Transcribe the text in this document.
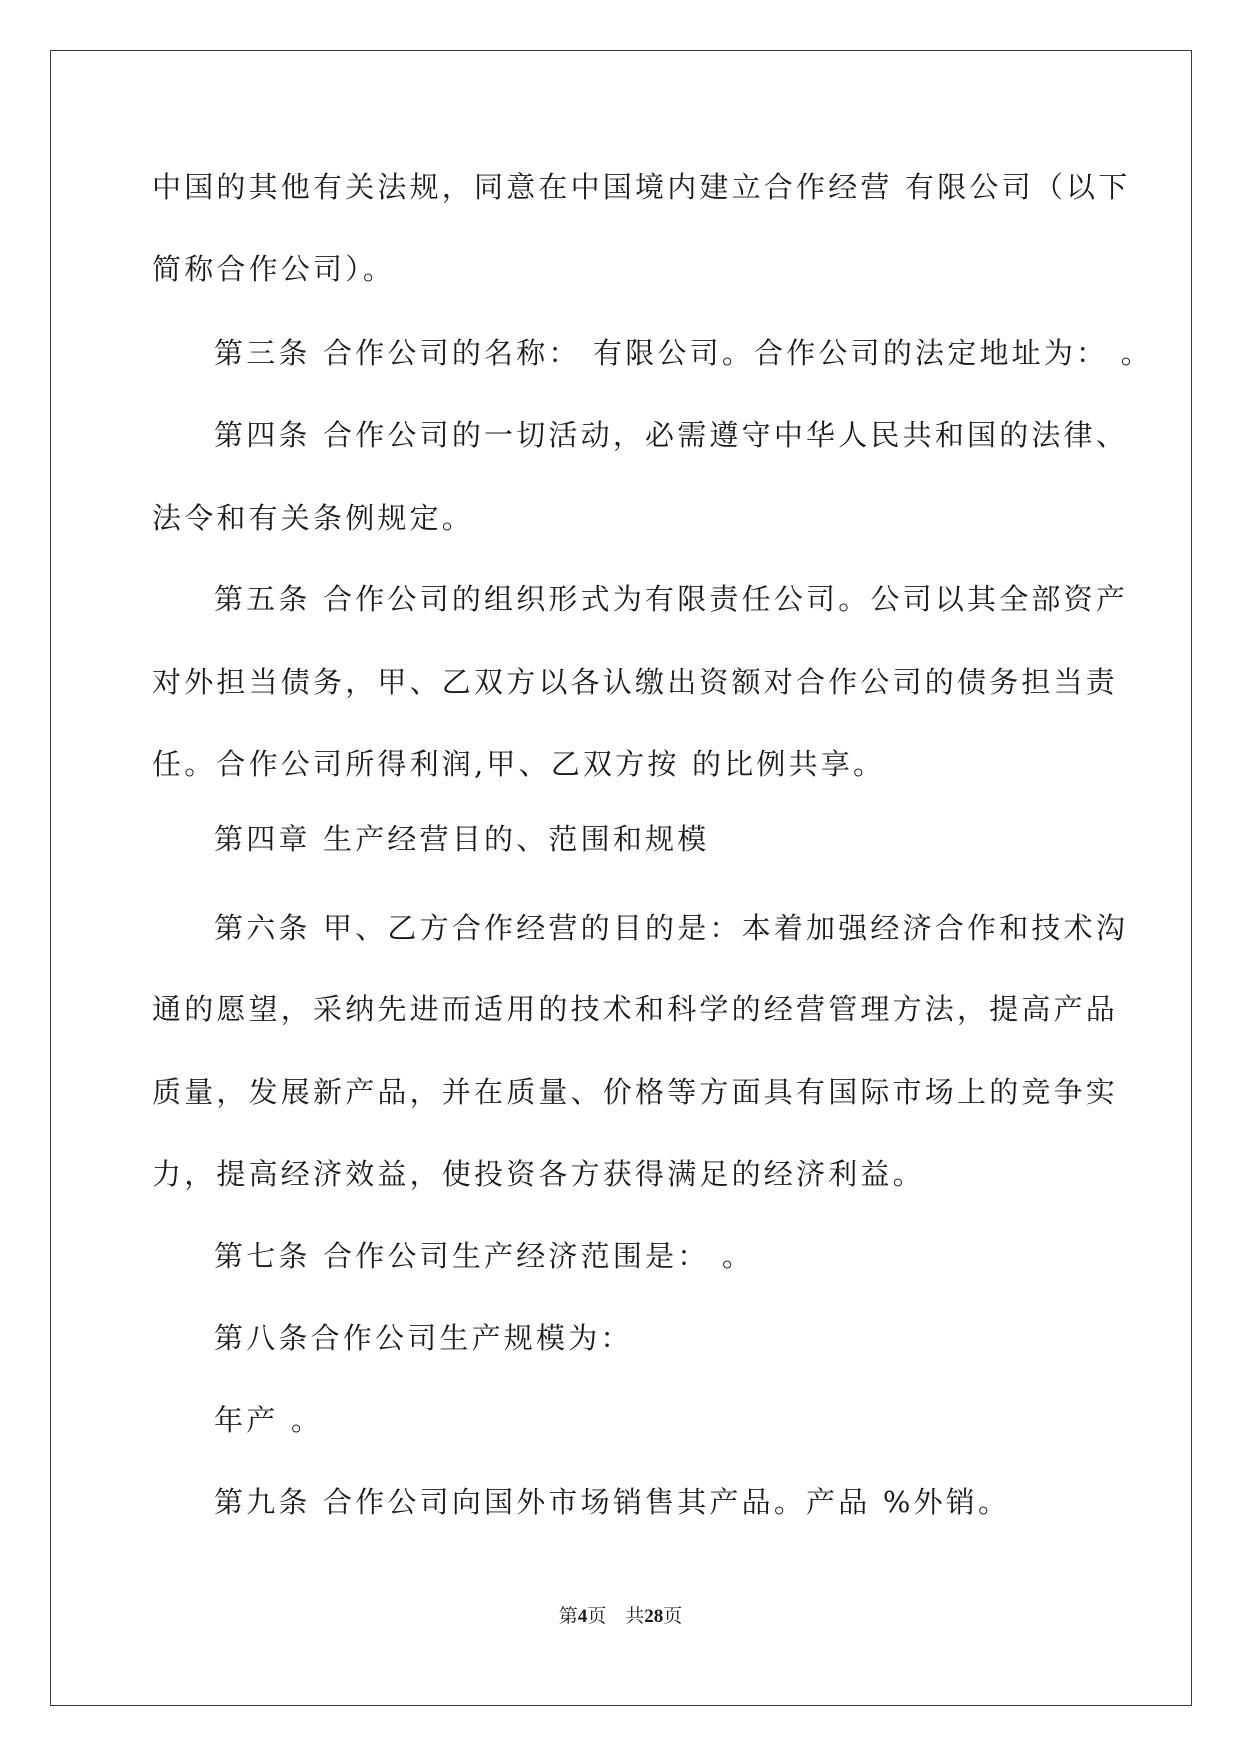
中国的其他有关法规，同意在中国境内建立合作经营 有限公司（以下
简称合作公司）。
第三条 合作公司的名称： 有限公司。合作公司的法定地址为： 。
第四条 合作公司的一切活动，必需遵守中华人民共和国的法律、
法令和有关条例规定。
第五条 合作公司的组织形式为有限责任公司。公司以其全部资产
对外担当债务，甲、乙双方以各认缴出资额对合作公司的债务担当责
任。合作公司所得利润,甲、乙双方按 的比例共享。
第四章 生产经营目的、范围和规模
第六条 甲、乙方合作经营的目的是：本着加强经济合作和技术沟
通的愿望，采纳先进而适用的技术和科学的经营管理方法，提高产品
质量，发展新产品，并在质量、价格等方面具有国际市场上的竞争实
力，提高经济效益，使投资各方获得满足的经济利益。
第七条 合作公司生产经济范围是： 。
第八条合作公司生产规模为：
年产 。
第九条 合作公司向国外市场销售其产品。产品 %外销。
第4页　共28页
